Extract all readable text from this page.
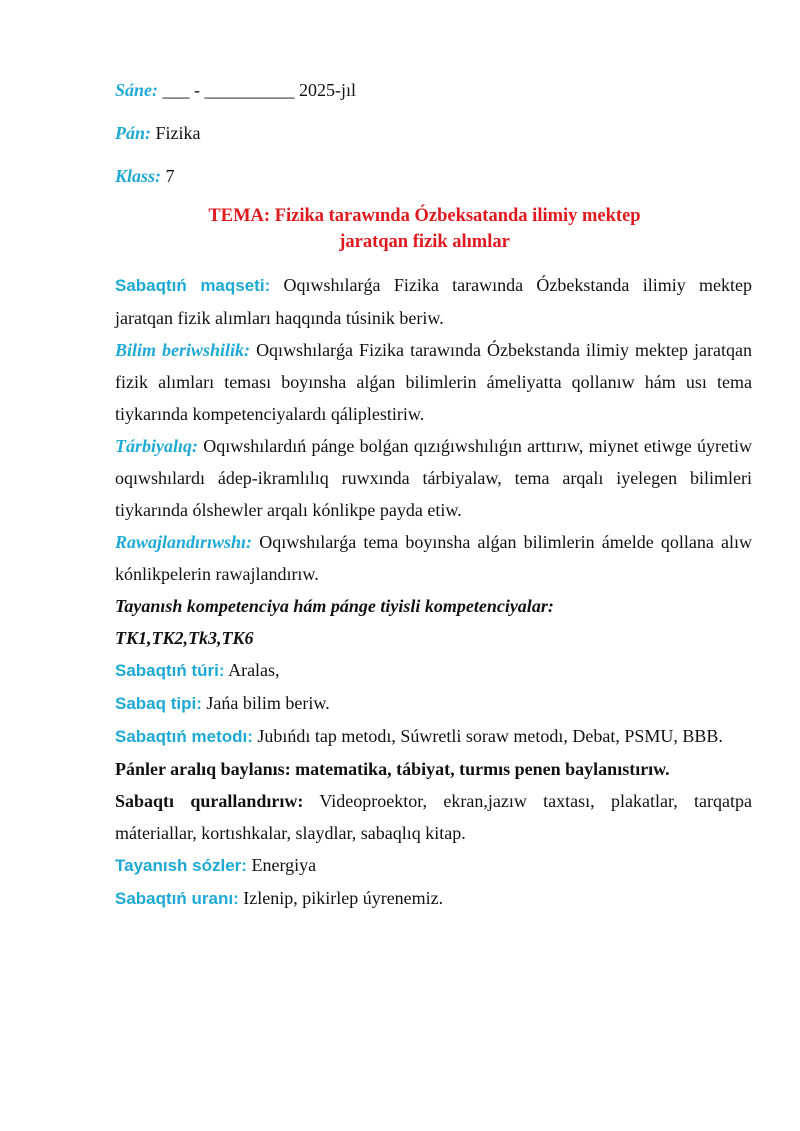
Sáne: ___ - __________ 2025-jıl

Pán: Fizika

Klass: 7

TEMA: Fizika tarawında Ózbeksatanda ilimiy mektep
jaratqan fizik alımlar

Sabaqtıń maqseti: Oqıwshılarǵa Fizika tarawında Ózbekstanda ilimiy mektep jaratqan fizik alımları haqqında túsinik beriw.

Bilim beriwshilik: Oqıwshılarǵa Fizika tarawında Ózbekstanda ilimiy mektep jaratqan fizik alımları teması boyınsha alǵan bilimlerin ámeliyatta qollanıw hám usı tema tiykarında kompetenciyalardı qáliplestiriw.

Tárbiyalıq: Oqıwshılardıń pánge bolǵan qızıǵıwshılıǵın arttırıw, miynet etiwge úyretiw oqıwshılardı ádep-ikramlılıq ruwxında tárbiyalaw, tema arqalı iyelegen bilimleri tiykarında ólshewler arqalı kónlikpe payda etiw.

Rawajlandırıwshı: Oqıwshılarǵa tema boyınsha alǵan bilimlerin ámelde qollana alıw kónlikpelerin rawajlandırıw.

Tayanısh kompetenciya hám pánge tiyisli kompetenciyalar:

TK1,TK2,Tk3,TK6

Sabaqtıń túri: Aralas,

Sabaq tipi: Jańa bilim beriw.

Sabaqtıń metodı: Jubıńdı tap metodı, Súwretli soraw metodı, Debat, PSMU, BBB.

Pánler aralıq baylanıs: matematika, tábiyat, turmıs penen baylanıstırıw.

Sabaqtı qurallandırıw: Videoproektor, ekran,jazıw taxtası, plakatlar, tarqatpa máteriallar, kortıshkalar, slaydlar, sabaqlıq kitap.

Tayanısh sózler: Energiya

Sabaqtıń uranı: Izlenip, pikirlep úyrenemiz.
